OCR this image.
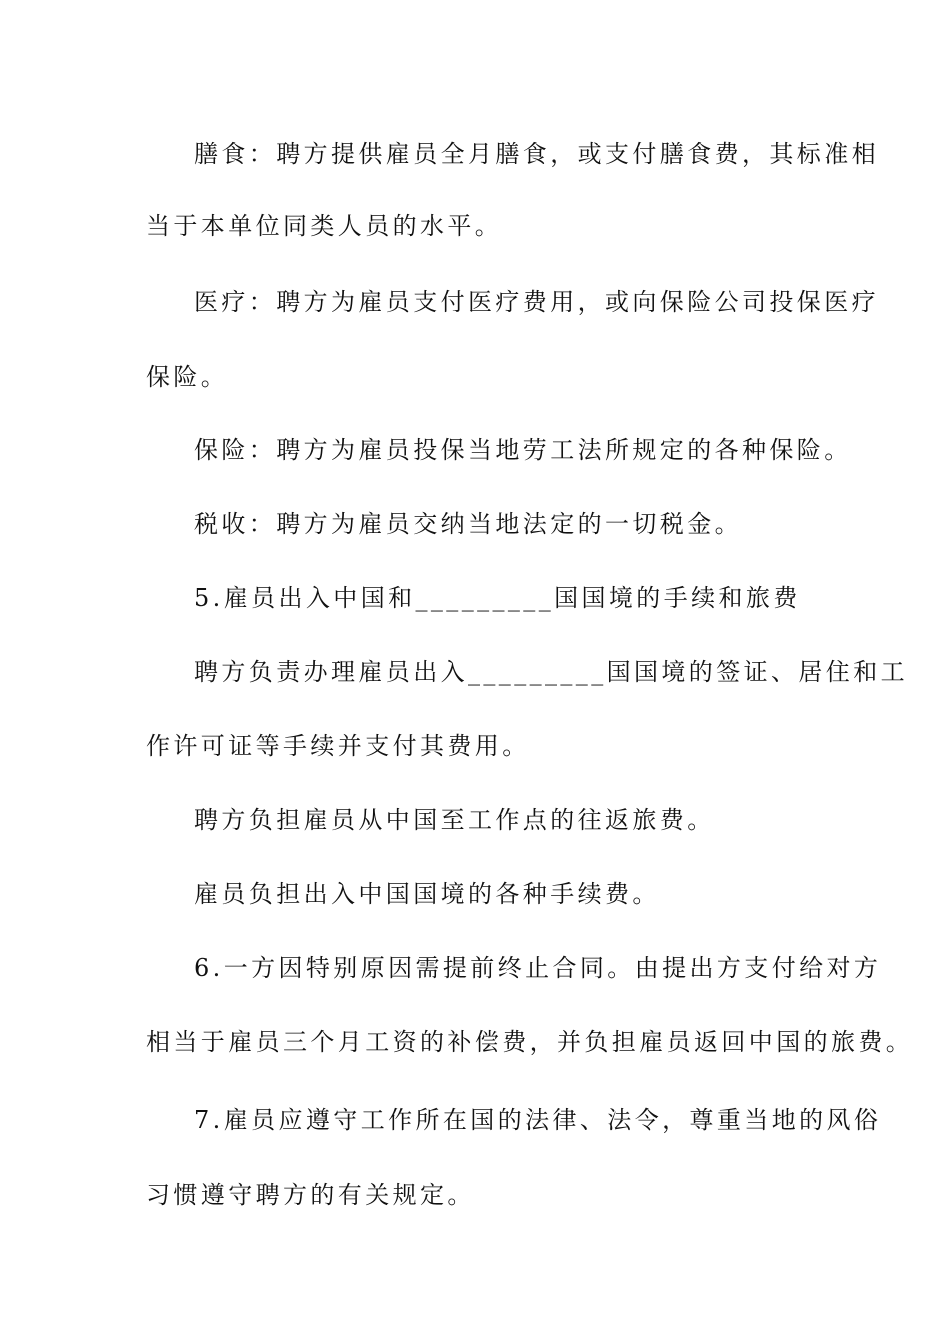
膳食：聘方提供雇员全月膳食，或支付膳食费，其标准相
当于本单位同类人员的水平。
医疗：聘方为雇员支付医疗费用，或向保险公司投保医疗
保险。
保险：聘方为雇员投保当地劳工法所规定的各种保险。
税收：聘方为雇员交纳当地法定的一切税金。
5.雇员出入中国和_________国国境的手续和旅费
聘方负责办理雇员出入_________国国境的签证、居住和工
作许可证等手续并支付其费用。
聘方负担雇员从中国至工作点的往返旅费。
雇员负担出入中国国境的各种手续费。
6.一方因特别原因需提前终止合同。由提出方支付给对方
相当于雇员三个月工资的补偿费，并负担雇员返回中国的旅费。
7.雇员应遵守工作所在国的法律、法令，尊重当地的风俗
习惯遵守聘方的有关规定。
